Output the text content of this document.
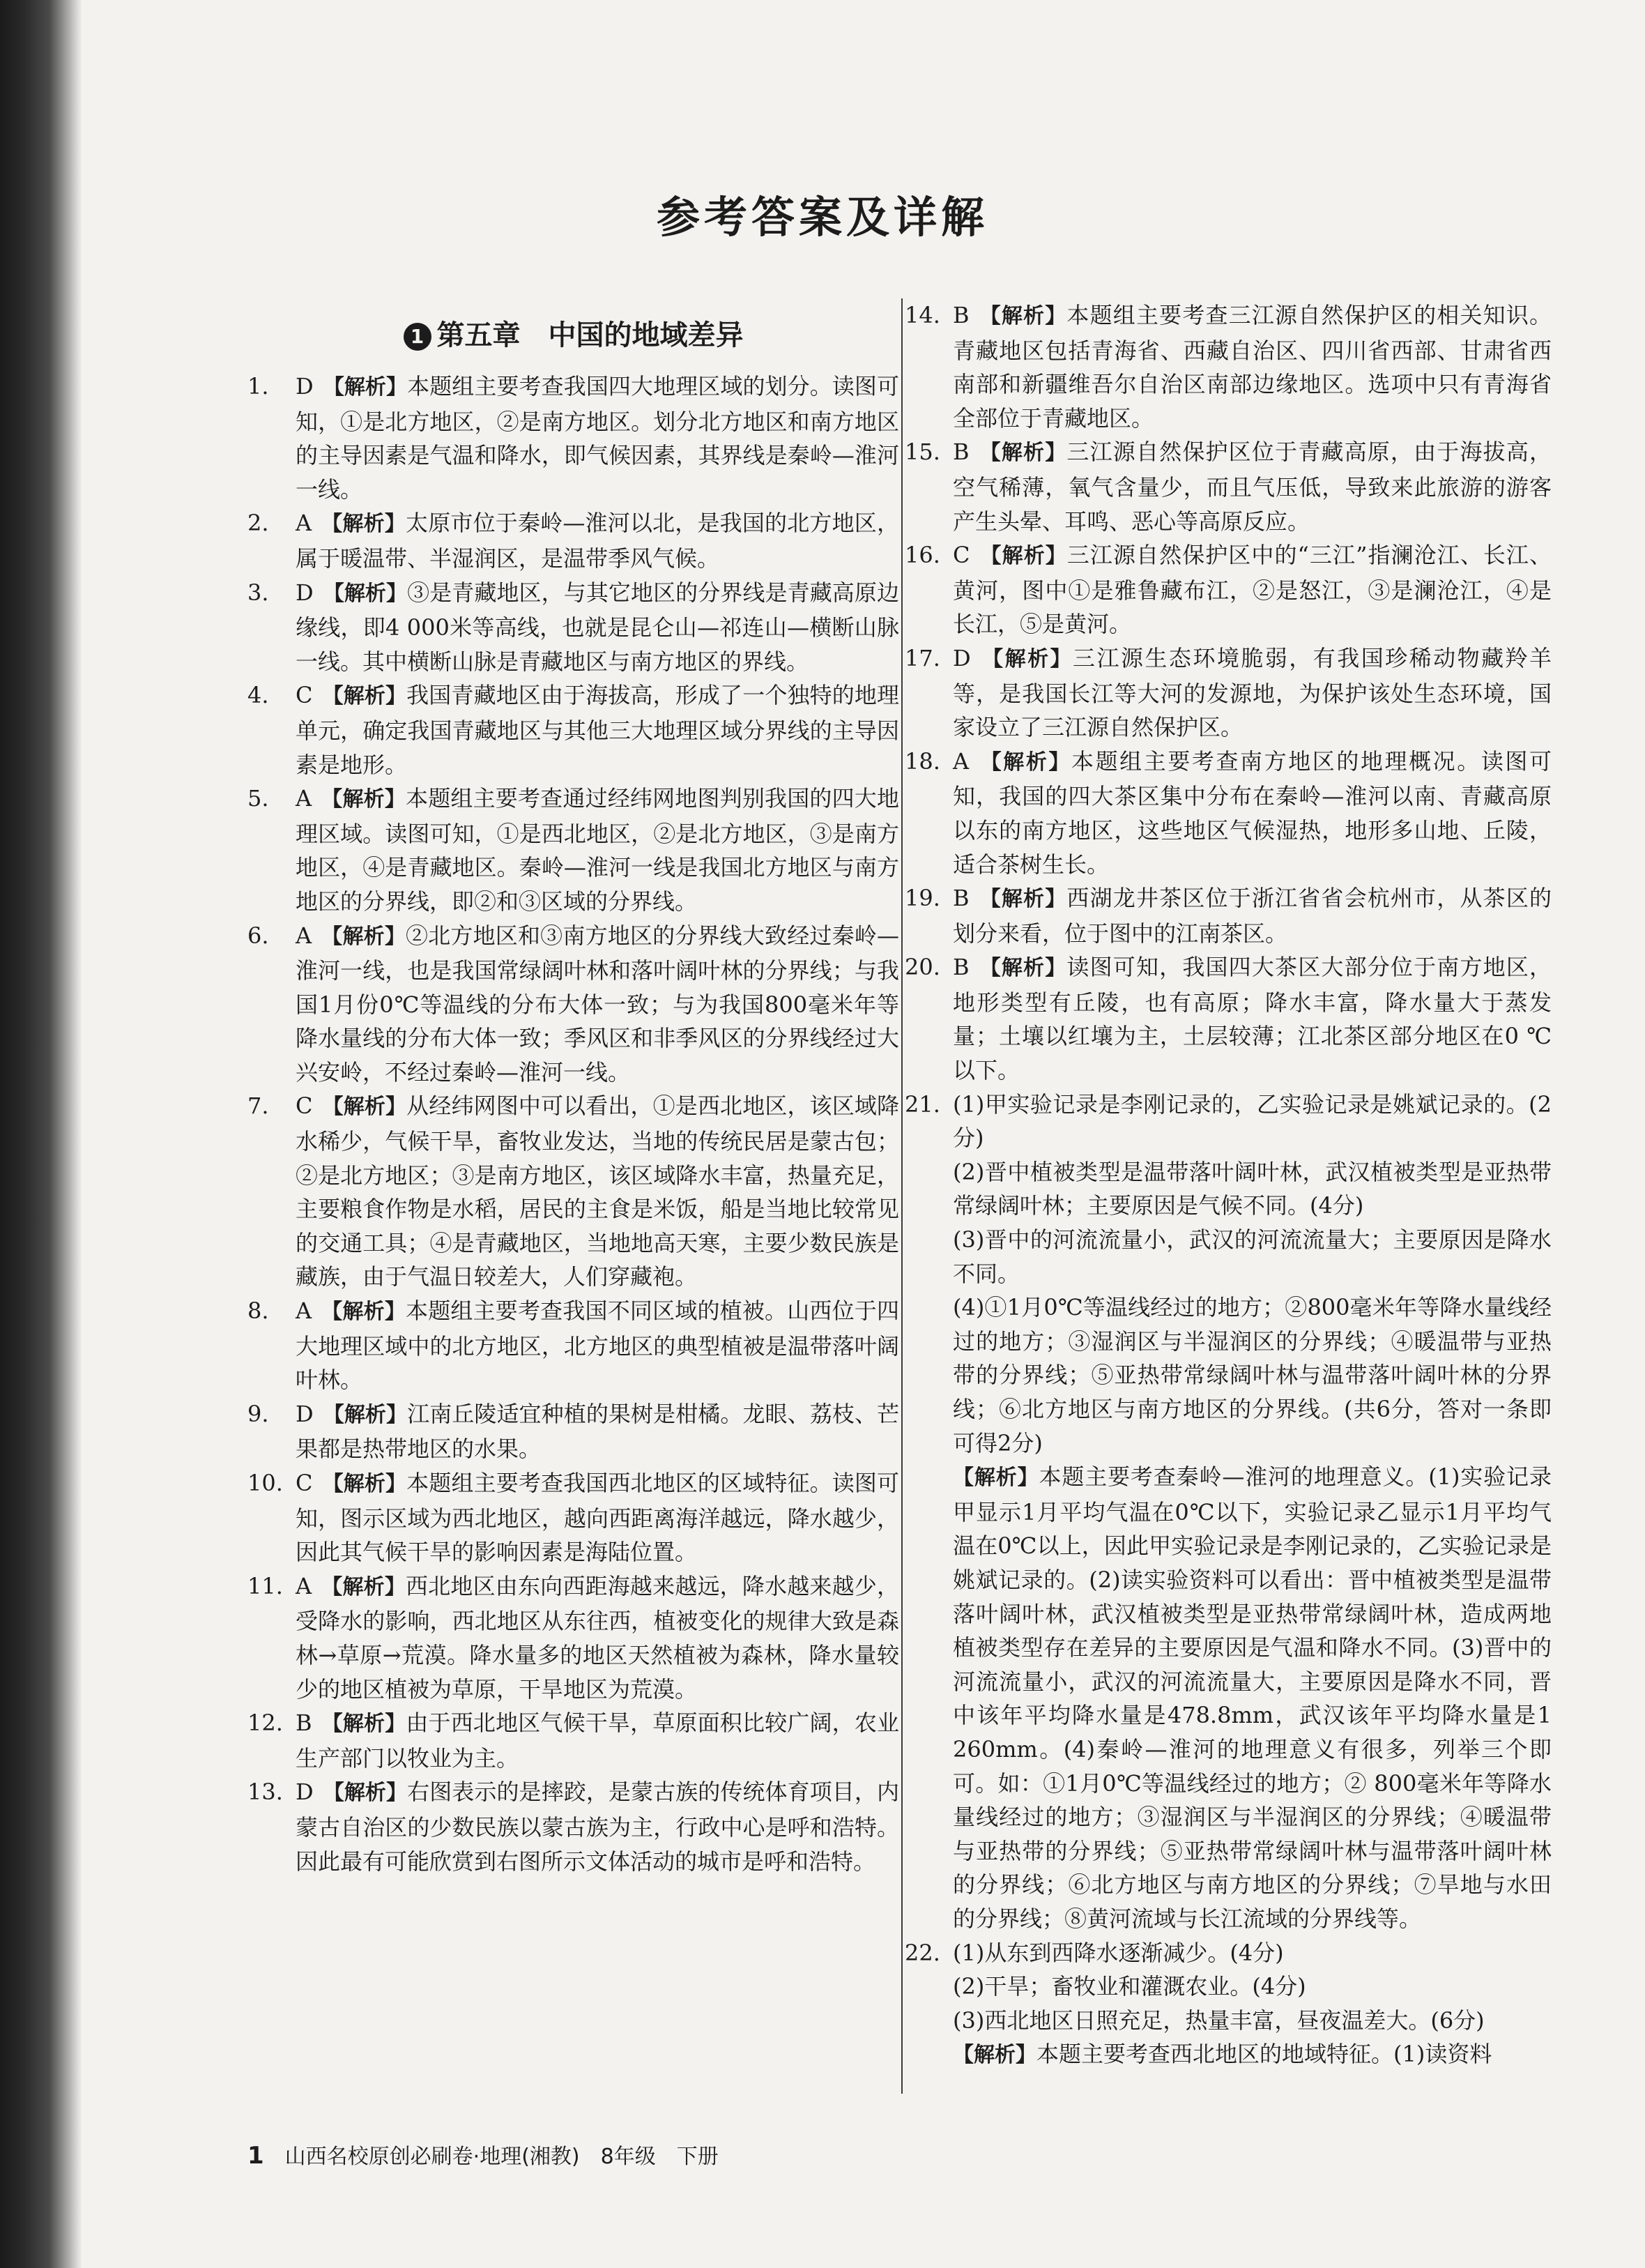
参考答案及详解
1 第五章　中国的地域差异
1. D 【解析】本题组主要考查我国四大地理区域的划分。读图可知，①是北方地区，②是南方地区。划分北方地区和南方地区的主导因素是气温和降水，即气候因素，其界线是秦岭—淮河一线。
2. A 【解析】太原市位于秦岭—淮河以北，是我国的北方地区，属于暖温带、半湿润区，是温带季风气候。
3. D 【解析】③是青藏地区，与其它地区的分界线是青藏高原边缘线，即4 000米等高线，也就是昆仑山—祁连山—横断山脉一线。其中横断山脉是青藏地区与南方地区的界线。
4. C 【解析】我国青藏地区由于海拔高，形成了一个独特的地理单元，确定我国青藏地区与其他三大地理区域分界线的主导因素是地形。
5. A 【解析】本题组主要考查通过经纬网地图判别我国的四大地理区域。读图可知，①是西北地区，②是北方地区，③是南方地区，④是青藏地区。秦岭—淮河一线是我国北方地区与南方地区的分界线，即②和③区域的分界线。
6. A 【解析】②北方地区和③南方地区的分界线大致经过秦岭—淮河一线，也是我国常绿阔叶林和落叶阔叶林的分界线；与我国1月份0℃等温线的分布大体一致；与为我国800毫米年等降水量线的分布大体一致；季风区和非季风区的分界线经过大兴安岭，不经过秦岭—淮河一线。
7. C 【解析】从经纬网图中可以看出，①是西北地区，该区域降水稀少，气候干旱，畜牧业发达，当地的传统民居是蒙古包；②是北方地区；③是南方地区，该区域降水丰富，热量充足，主要粮食作物是水稻，居民的主食是米饭，船是当地比较常见的交通工具；④是青藏地区，当地地高天寒，主要少数民族是藏族，由于气温日较差大，人们穿藏袍。
8. A 【解析】本题组主要考查我国不同区域的植被。山西位于四大地理区域中的北方地区，北方地区的典型植被是温带落叶阔叶林。
9. D 【解析】江南丘陵适宜种植的果树是柑橘。龙眼、荔枝、芒果都是热带地区的水果。
10. C 【解析】本题组主要考查我国西北地区的区域特征。读图可知，图示区域为西北地区，越向西距离海洋越远，降水越少，因此其气候干旱的影响因素是海陆位置。
11. A 【解析】西北地区由东向西距海越来越远，降水越来越少，受降水的影响，西北地区从东往西，植被变化的规律大致是森林→草原→荒漠。降水量多的地区天然植被为森林，降水量较少的地区植被为草原，干旱地区为荒漠。
12. B 【解析】由于西北地区气候干旱，草原面积比较广阔，农业生产部门以牧业为主。
13. D 【解析】右图表示的是摔跤，是蒙古族的传统体育项目，内蒙古自治区的少数民族以蒙古族为主，行政中心是呼和浩特。因此最有可能欣赏到右图所示文体活动的城市是呼和浩特。
14. B 【解析】本题组主要考查三江源自然保护区的相关知识。青藏地区包括青海省、西藏自治区、四川省西部、甘肃省西南部和新疆维吾尔自治区南部边缘地区。选项中只有青海省全部位于青藏地区。
15. B 【解析】三江源自然保护区位于青藏高原，由于海拔高，空气稀薄，氧气含量少，而且气压低，导致来此旅游的游客产生头晕、耳鸣、恶心等高原反应。
16. C 【解析】三江源自然保护区中的“三江”指澜沧江、长江、黄河，图中①是雅鲁藏布江，②是怒江，③是澜沧江，④是长江，⑤是黄河。
17. D 【解析】三江源生态环境脆弱，有我国珍稀动物藏羚羊等，是我国长江等大河的发源地，为保护该处生态环境，国家设立了三江源自然保护区。
18. A 【解析】本题组主要考查南方地区的地理概况。读图可知，我国的四大茶区集中分布在秦岭—淮河以南、青藏高原以东的南方地区，这些地区气候湿热，地形多山地、丘陵，适合茶树生长。
19. B 【解析】西湖龙井茶区位于浙江省省会杭州市，从茶区的划分来看，位于图中的江南茶区。
20. B 【解析】读图可知，我国四大茶区大部分位于南方地区，地形类型有丘陵，也有高原；降水丰富，降水量大于蒸发量；土壤以红壤为主，土层较薄；江北茶区部分地区在0 ℃以下。
21. (1)甲实验记录是李刚记录的，乙实验记录是姚斌记录的。(2分)
(2)晋中植被类型是温带落叶阔叶林，武汉植被类型是亚热带常绿阔叶林；主要原因是气候不同。(4分)
(3)晋中的河流流量小，武汉的河流流量大；主要原因是降水不同。
(4)①1月0℃等温线经过的地方；②800毫米年等降水量线经过的地方；③湿润区与半湿润区的分界线；④暖温带与亚热带的分界线；⑤亚热带常绿阔叶林与温带落叶阔叶林的分界线；⑥北方地区与南方地区的分界线。(共6分，答对一条即可得2分)
【解析】本题主要考查秦岭—淮河的地理意义。(1)实验记录甲显示1月平均气温在0℃以下，实验记录乙显示1月平均气温在0℃以上，因此甲实验记录是李刚记录的，乙实验记录是姚斌记录的。(2)读实验资料可以看出：晋中植被类型是温带落叶阔叶林，武汉植被类型是亚热带常绿阔叶林，造成两地植被类型存在差异的主要原因是气温和降水不同。(3)晋中的河流流量小，武汉的河流流量大，主要原因是降水不同，晋中该年平均降水量是478.8mm，武汉该年平均降水量是1 260mm。(4)秦岭—淮河的地理意义有很多，列举三个即可。如：①1月0℃等温线经过的地方；② 800毫米年等降水量线经过的地方；③湿润区与半湿润区的分界线；④暖温带与亚热带的分界线；⑤亚热带常绿阔叶林与温带落叶阔叶林的分界线；⑥北方地区与南方地区的分界线；⑦旱地与水田的分界线；⑧黄河流域与长江流域的分界线等。
22. (1)从东到西降水逐渐减少。(4分)
(2)干旱；畜牧业和灌溉农业。(4分)
(3)西北地区日照充足，热量丰富，昼夜温差大。(6分)
【解析】本题主要考查西北地区的地域特征。(1)读资料
1 山西名校原创必刷卷·地理(湘教)　8年级　下册
